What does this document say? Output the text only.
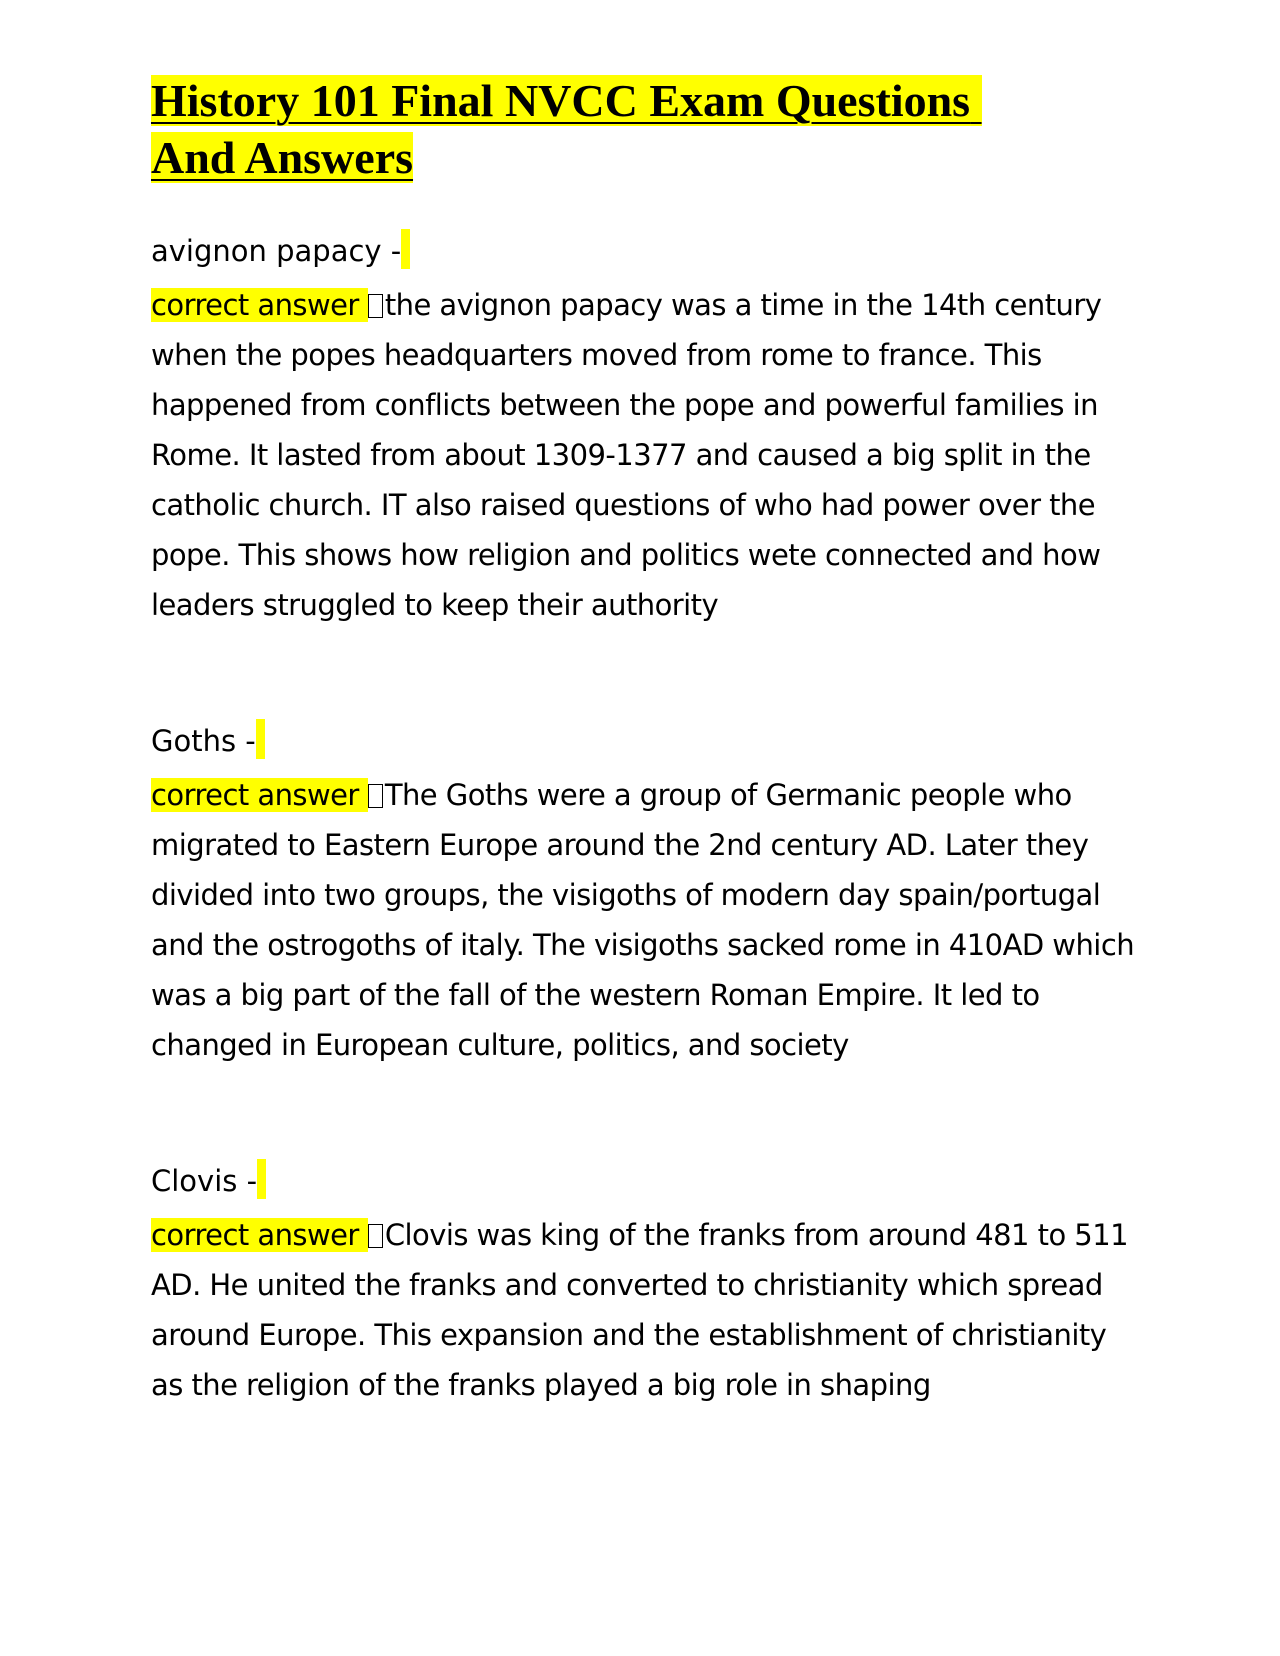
History 101 Final NVCC Exam Questions
And Answers

avignon papacy -

correct answer the avignon papacy was a time in the 14th century when the popes headquarters moved from rome to france. This happened from conflicts between the pope and powerful families in Rome. It lasted from about 1309-1377 and caused a big split in the catholic church. IT also raised questions of who had power over the pope. This shows how religion and politics wete connected and how leaders struggled to keep their authority

Goths -

correct answer The Goths were a group of Germanic people who migrated to Eastern Europe around the 2nd century AD. Later they divided into two groups, the visigoths of modern day spain/portugal and the ostrogoths of italy. The visigoths sacked rome in 410AD which was a big part of the fall of the western Roman Empire. It led to changed in European culture, politics, and society

Clovis -

correct answer Clovis was king of the franks from around 481 to 511 AD. He united the franks and converted to christianity which spread around Europe. This expansion and the establishment of christianity as the religion of the franks played a big role in shaping
